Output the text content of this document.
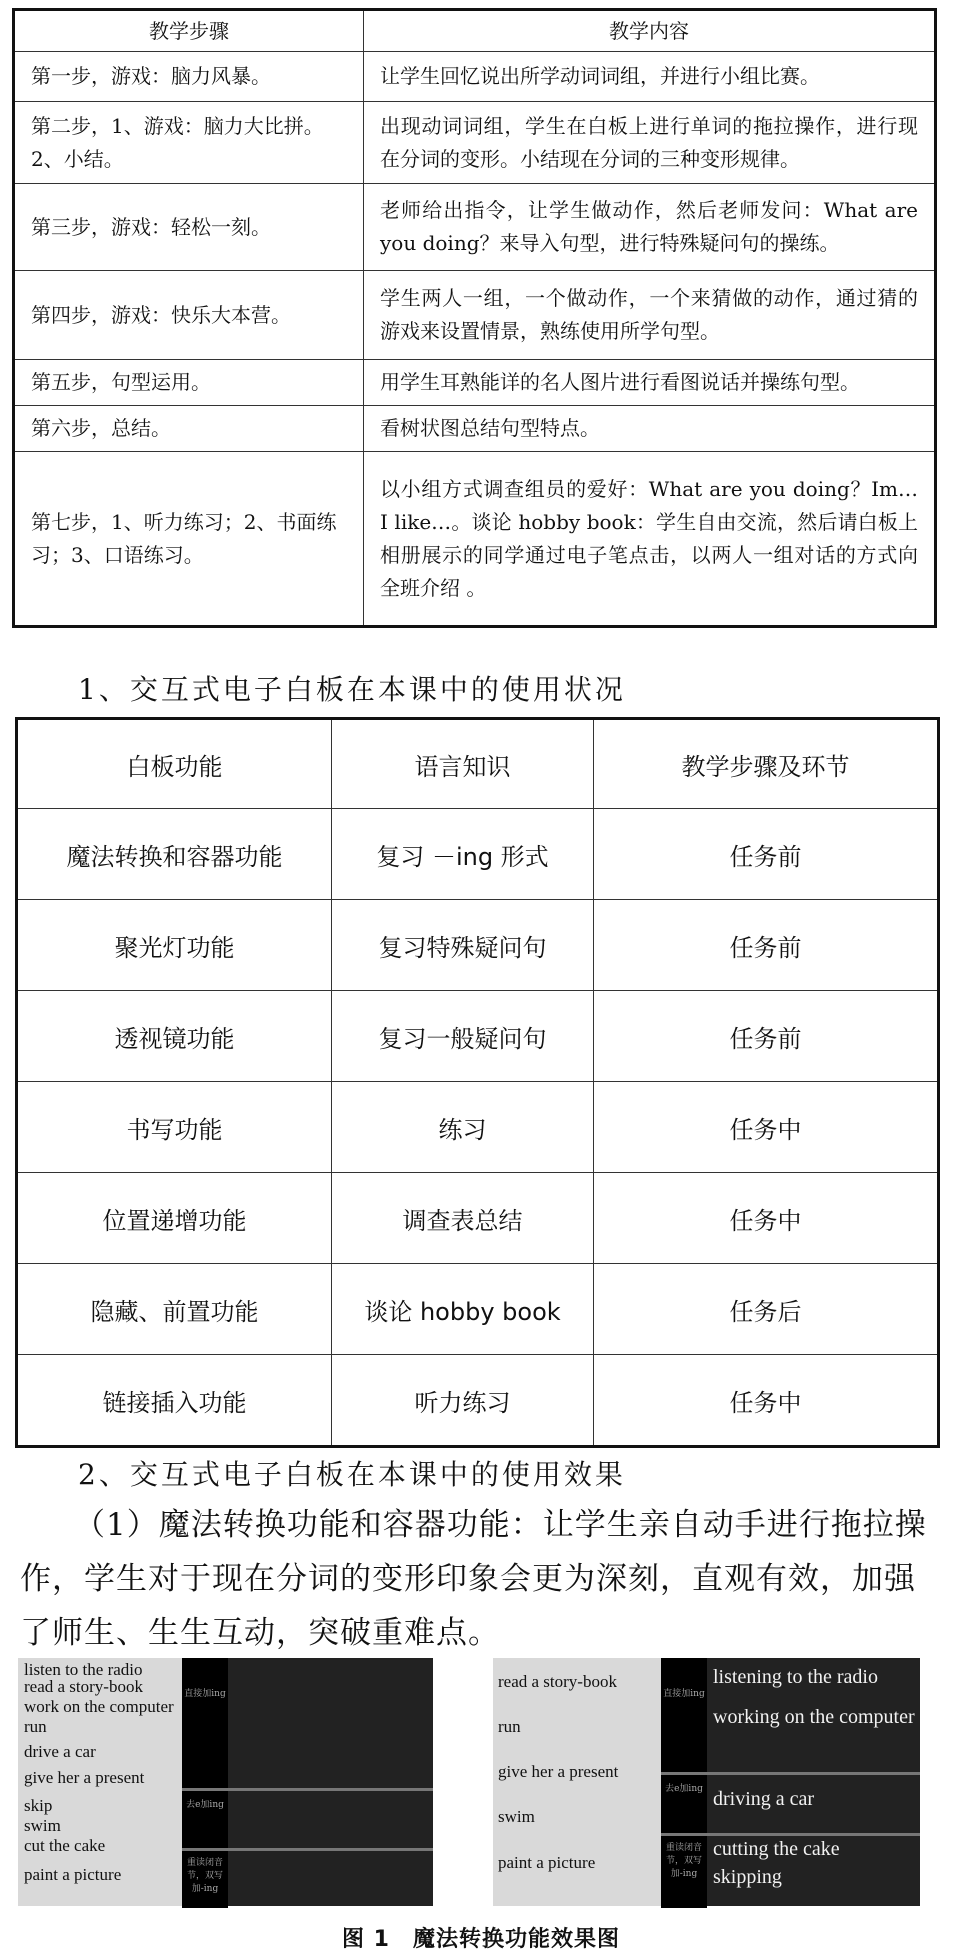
教学步骤	教学内容
第一步，游戏：脑力风暴。	让学生回忆说出所学动词词组，并进行小组比赛。
第二步，1、游戏：脑力大比拼。2、小结。	出现动词词组，学生在白板上进行单词的拖拉操作，进行现在分词的变形。小结现在分词的三种变形规律。
第三步，游戏：轻松一刻。	老师给出指令，让学生做动作，然后老师发问：What are you doing？来导入句型，进行特殊疑问句的操练。
第四步，游戏：快乐大本营。	学生两人一组，一个做动作，一个来猜做的动作，通过猜的游戏来设置情景，熟练使用所学句型。
第五步，句型运用。	用学生耳熟能详的名人图片进行看图说话并操练句型。
第六步，总结。	看树状图总结句型特点。
第七步，1、听力练习；2、书面练习；3、口语练习。	以小组方式调查组员的爱好：What are you doing？Im… I like…。谈论 hobby book：学生自由交流，然后请白板上相册展示的同学通过电子笔点击，以两人一组对话的方式向全班介绍 。
1、交互式电子白板在本课中的使用状况
白板功能	语言知识	教学步骤及环节
魔法转换和容器功能	复习 －ing 形式	任务前
聚光灯功能	复习特殊疑问句	任务前
透视镜功能	复习一般疑问句	任务前
书写功能	练习	任务中
位置递增功能	调查表总结	任务中
隐藏、前置功能	谈论 hobby book	任务后
链接插入功能	听力练习	任务中
2、交互式电子白板在本课中的使用效果
（1）魔法转换功能和容器功能：让学生亲自动手进行拖拉操作，学生对于现在分词的变形印象会更为深刻，直观有效，加强了师生、生生互动，突破重难点。
listen to the radio
read a story-book
work on the computer
run
drive a car
give her a present
skip
swim
cut the cake
paint a picture
直接加ing
去e加ing
重读闭音节，双写加-ing
read a story-book
run
give her a present
swim
paint a picture
直接加ing
listening to the radio
working on the computer
去e加ing driving a car
重读闭音节，双写加-ing
cutting the cake
skipping
图 1　魔法转换功能效果图
